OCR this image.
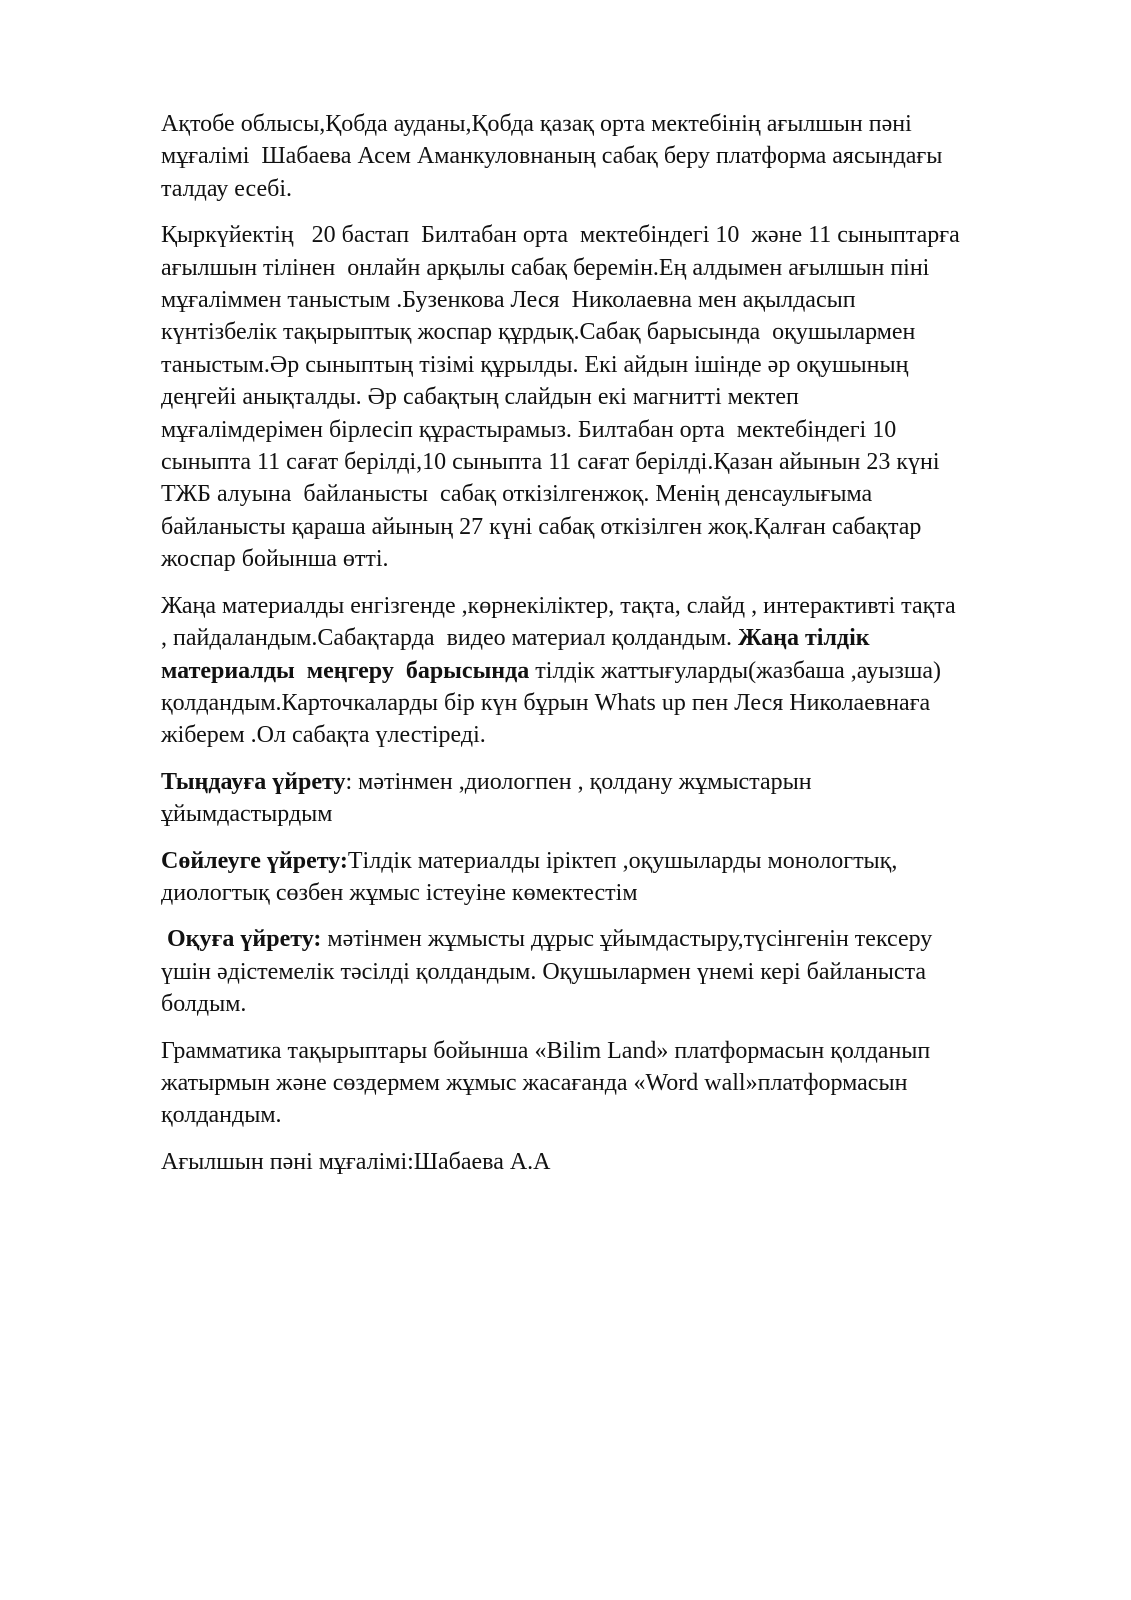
Ақтобе облысы,Қобда ауданы,Қобда қазақ орта мектебінің ағылшын пәні
мұғалімі  Шабаева Асем Аманкуловнаның сабақ беру платформа аясындағы
талдау есебі.

Қыркүйектің   20 бастап  Билтабан орта  мектебіндегі 10  және 11 сыныптарға
ағылшын тілінен  онлайн арқылы сабақ беремін.Ең алдымен ағылшын піні
мұғаліммен таныстым .Бузенкова Леся  Николаевна мен ақылдасып
күнтізбелік тақырыптық жоспар құрдық.Сабақ барысында  оқушылармен
таныстым.Әр сыныптың тізімі құрылды. Екі айдын ішінде әр оқушының
деңгейі анықталды. Әр сабақтың слайдын екі магнитті мектеп
мұғалімдерімен бірлесіп құрастырамыз. Билтабан орта  мектебіндегі 10
сыныпта 11 сағат берілді,10 сыныпта 11 сағат берілді.Қазан айынын 23 күні
ТЖБ алуына  байланысты  сабақ откізілгенжоқ. Менің денсаулығыма
байланысты қараша айының 27 күні сабақ откізілген жоқ.Қалған сабақтар
жоспар бойынша өтті.

Жаңа материалды енгізгенде ,көрнекіліктер, тақта, слайд , интерактивті тақта
, пайдаландым.Сабақтарда  видео материал қолдандым. Жаңа тілдік
материалды  меңгеру  барысында тілдік жаттығуларды(жазбаша ,ауызша)
қолдандым.Карточкаларды бір күн бұрын Whats up пен Леся Николаевнаға
жіберем .Ол сабақта үлестіреді.

Тыңдауға үйрету: мәтінмен ,диологпен , қолдану жұмыстарын
ұйымдастырдым

Сөйлеуге үйрету:Тілдік материалды іріктеп ,оқушыларды монологтық,
диологтық сөзбен жұмыс істеуіне көмектестім

Оқуға үйрету: мәтінмен жұмысты дұрыс ұйымдастыру,түсінгенін тексеру
үшін әдістемелік тәсілді қолдандым. Оқушылармен үнемі кері байланыста
болдым.

Грамматика тақырыптары бойынша «Bilim Land» платформасын қолданып
жатырмын және сөздермем жұмыс жасағанда «Word wall»платформасын
қолдандым.

Ағылшын пәні мұғалімі:Шабаева А.А
